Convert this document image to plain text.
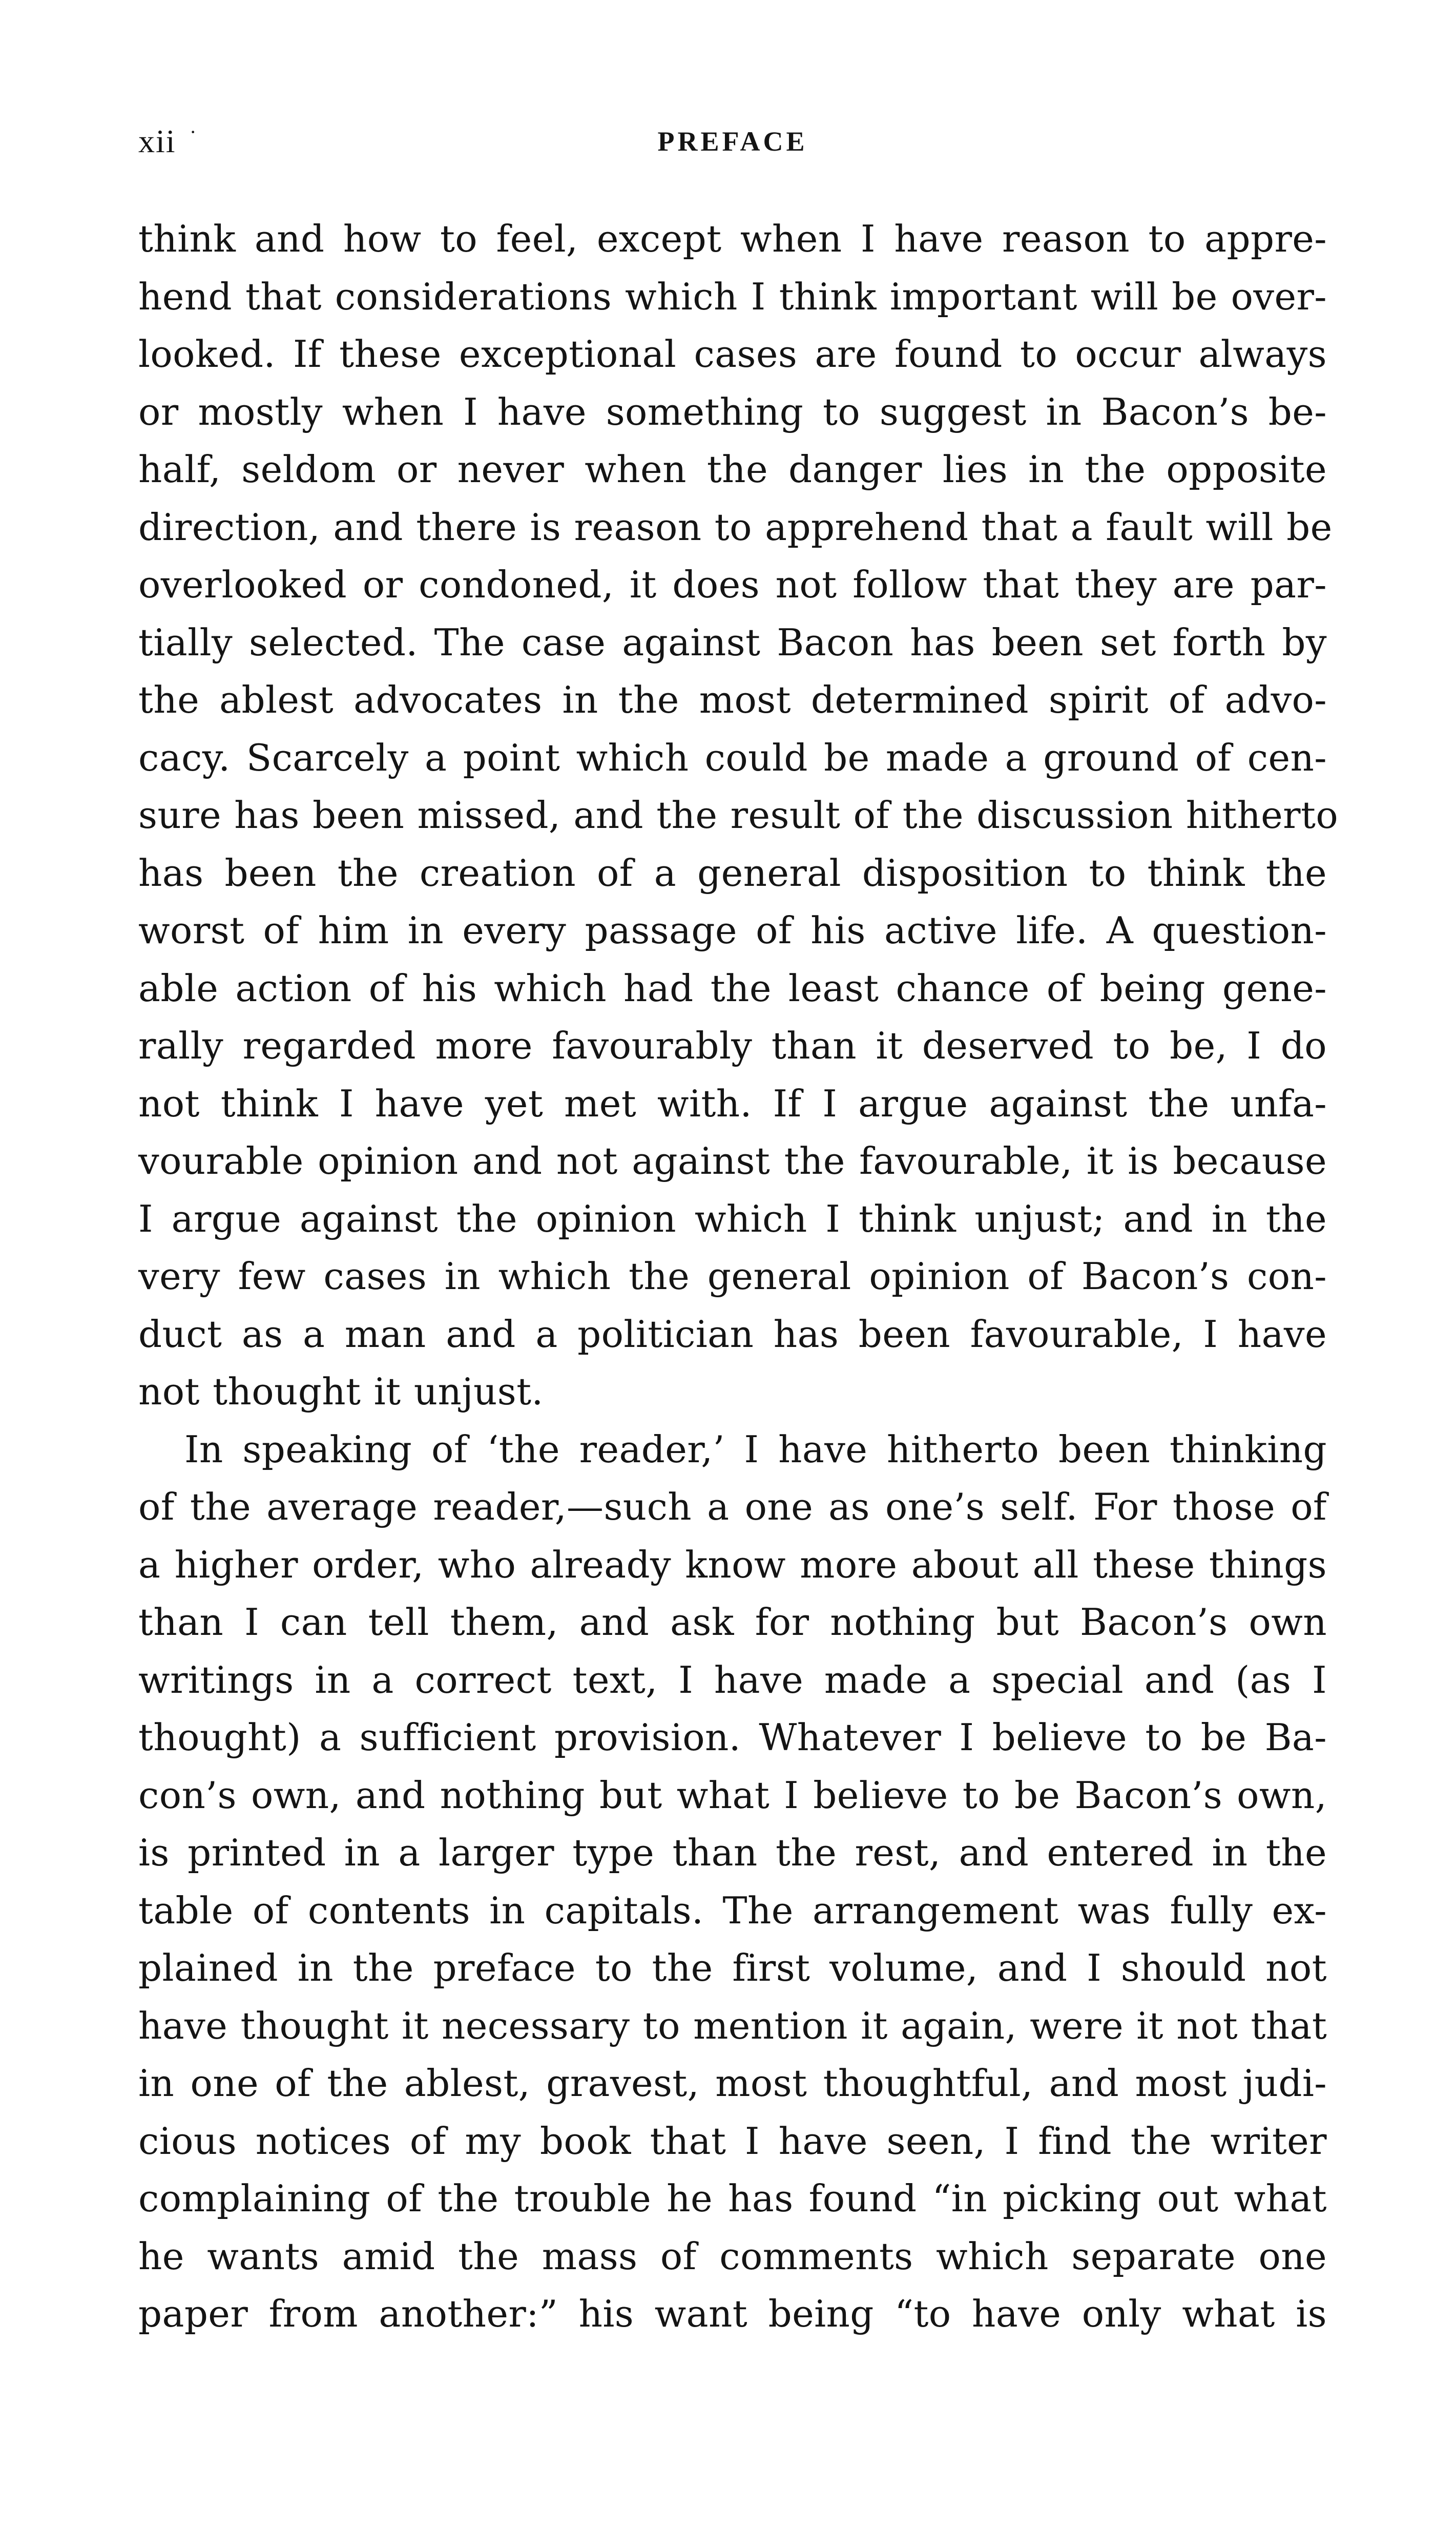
xii ·	PREFACE
think and how to feel, except when I have reason to appre-
hend that considerations which I think important will be over-
looked. If these exceptional cases are found to occur always
or mostly when I have something to suggest in Bacon’s be-
half, seldom or never when the danger lies in the opposite
direction, and there is reason to apprehend that a fault will be
overlooked or condoned, it does not follow that they are par-
tially selected. The case against Bacon has been set forth by
the ablest advocates in the most determined spirit of advo-
cacy. Scarcely a point which could be made a ground of cen-
sure has been missed, and the result of the discussion hitherto
has been the creation of a general disposition to think the
worst of him in every passage of his active life. A question-
able action of his which had the least chance of being gene-
rally regarded more favourably than it deserved to be, I do
not think I have yet met with. If I argue against the unfa-
vourable opinion and not against the favourable, it is because
I argue against the opinion which I think unjust; and in the
very few cases in which the general opinion of Bacon’s con-
duct as a man and a politician has been favourable, I have
not thought it unjust.
In speaking of ‘the reader,’ I have hitherto been thinking
of the average reader,—such a one as one’s self. For those of
a higher order, who already know more about all these things
than I can tell them, and ask for nothing but Bacon’s own
writings in a correct text, I have made a special and (as I
thought) a sufficient provision. Whatever I believe to be Ba-
con’s own, and nothing but what I believe to be Bacon’s own,
is printed in a larger type than the rest, and entered in the
table of contents in capitals. The arrangement was fully ex-
plained in the preface to the first volume, and I should not
have thought it necessary to mention it again, were it not that
in one of the ablest, gravest, most thoughtful, and most judi-
cious notices of my book that I have seen, I find the writer
complaining of the trouble he has found “in picking out what
he wants amid the mass of comments which separate one
paper from another:” his want being “to have only what is
